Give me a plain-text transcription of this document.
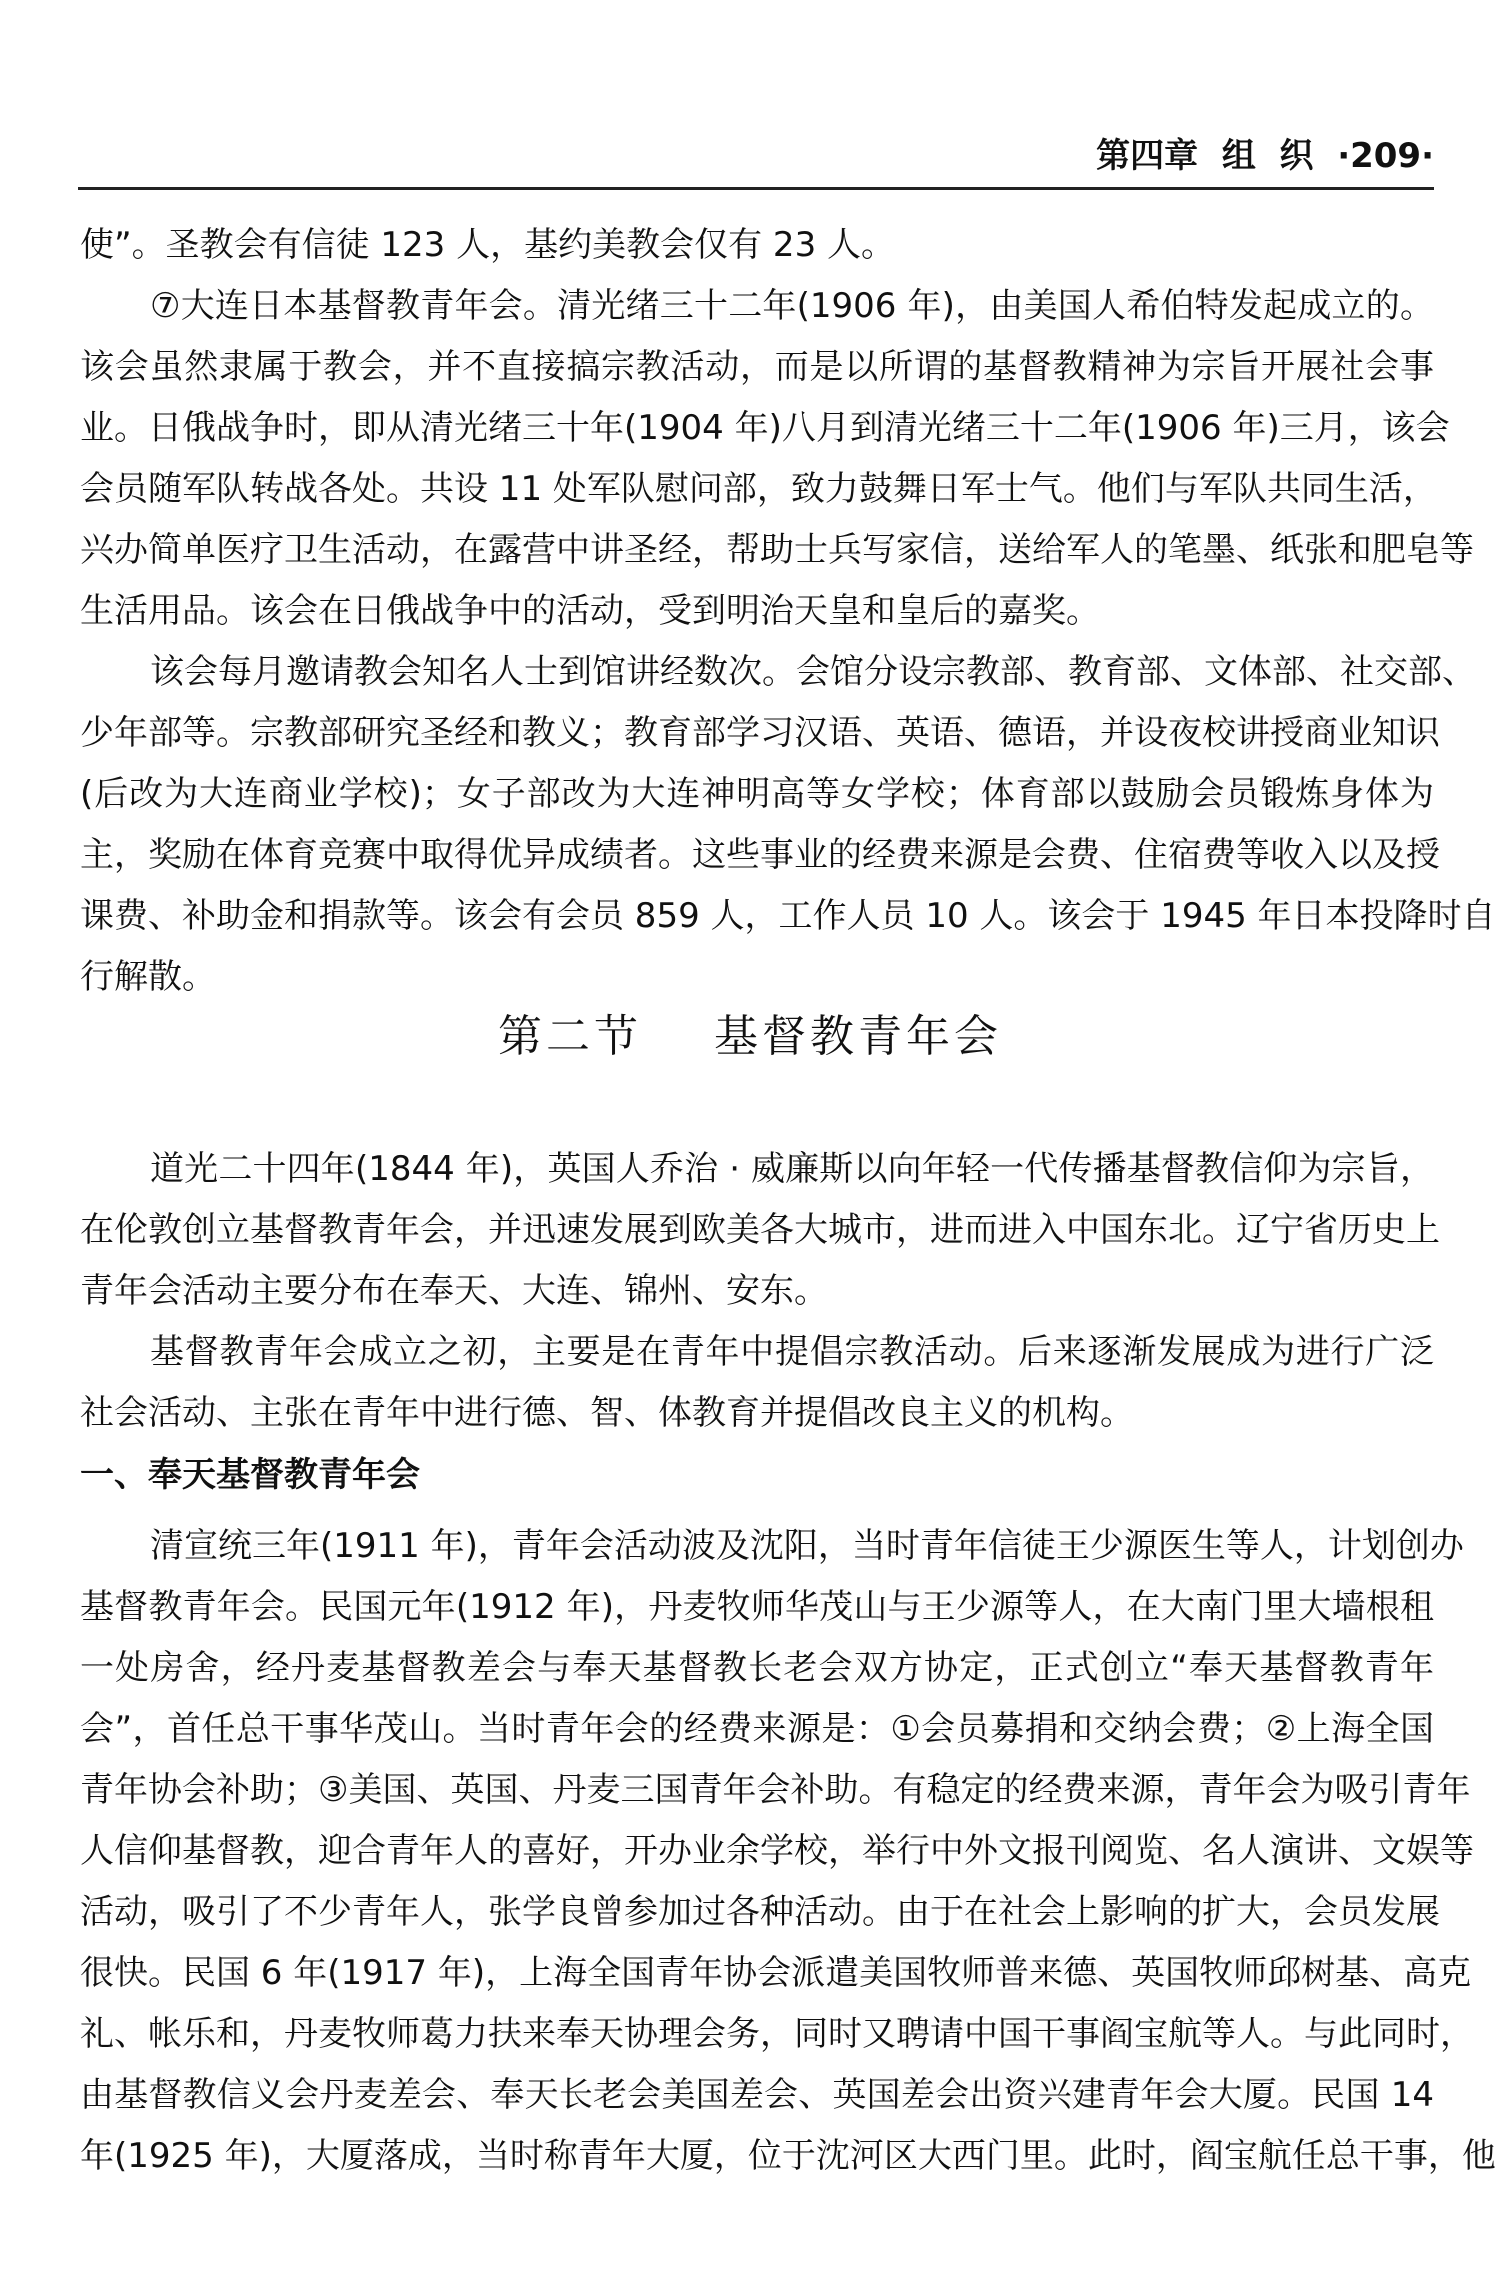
第四章  组  织  ·209·
使”。圣教会有信徒 123 人，基约美教会仅有 23 人。
⑦大连日本基督教青年会。清光绪三十二年(1906 年)，由美国人希伯特发起成立的。
该会虽然隶属于教会，并不直接搞宗教活动，而是以所谓的基督教精神为宗旨开展社会事
业。日俄战争时，即从清光绪三十年(1904 年)八月到清光绪三十二年(1906 年)三月，该会
会员随军队转战各处。共设 11 处军队慰问部，致力鼓舞日军士气。他们与军队共同生活，
兴办简单医疗卫生活动，在露营中讲圣经，帮助士兵写家信，送给军人的笔墨、纸张和肥皂等
生活用品。该会在日俄战争中的活动，受到明治天皇和皇后的嘉奖。
该会每月邀请教会知名人士到馆讲经数次。会馆分设宗教部、教育部、文体部、社交部、
少年部等。宗教部研究圣经和教义；教育部学习汉语、英语、德语，并设夜校讲授商业知识
(后改为大连商业学校)；女子部改为大连神明高等女学校；体育部以鼓励会员锻炼身体为
主，奖励在体育竞赛中取得优异成绩者。这些事业的经费来源是会费、住宿费等收入以及授
课费、补助金和捐款等。该会有会员 859 人，工作人员 10 人。该会于 1945 年日本投降时自
行解散。
第二节    基督教青年会
道光二十四年(1844 年)，英国人乔治 · 威廉斯以向年轻一代传播基督教信仰为宗旨，
在伦敦创立基督教青年会，并迅速发展到欧美各大城市，进而进入中国东北。辽宁省历史上
青年会活动主要分布在奉天、大连、锦州、安东。
基督教青年会成立之初，主要是在青年中提倡宗教活动。后来逐渐发展成为进行广泛
社会活动、主张在青年中进行德、智、体教育并提倡改良主义的机构。
一、奉天基督教青年会
清宣统三年(1911 年)，青年会活动波及沈阳，当时青年信徒王少源医生等人，计划创办
基督教青年会。民国元年(1912 年)，丹麦牧师华茂山与王少源等人，在大南门里大墙根租
一处房舍，经丹麦基督教差会与奉天基督教长老会双方协定，正式创立“奉天基督教青年
会”，首任总干事华茂山。当时青年会的经费来源是：①会员募捐和交纳会费；②上海全国
青年协会补助；③美国、英国、丹麦三国青年会补助。有稳定的经费来源，青年会为吸引青年
人信仰基督教，迎合青年人的喜好，开办业余学校，举行中外文报刊阅览、名人演讲、文娱等
活动，吸引了不少青年人，张学良曾参加过各种活动。由于在社会上影响的扩大，会员发展
很快。民国 6 年(1917 年)，上海全国青年协会派遣美国牧师普来德、英国牧师邱树基、高克
礼、帐乐和，丹麦牧师葛力扶来奉天协理会务，同时又聘请中国干事阎宝航等人。与此同时，
由基督教信义会丹麦差会、奉天长老会美国差会、英国差会出资兴建青年会大厦。民国 14
年(1925 年)，大厦落成，当时称青年大厦，位于沈河区大西门里。此时，阎宝航任总干事，他
